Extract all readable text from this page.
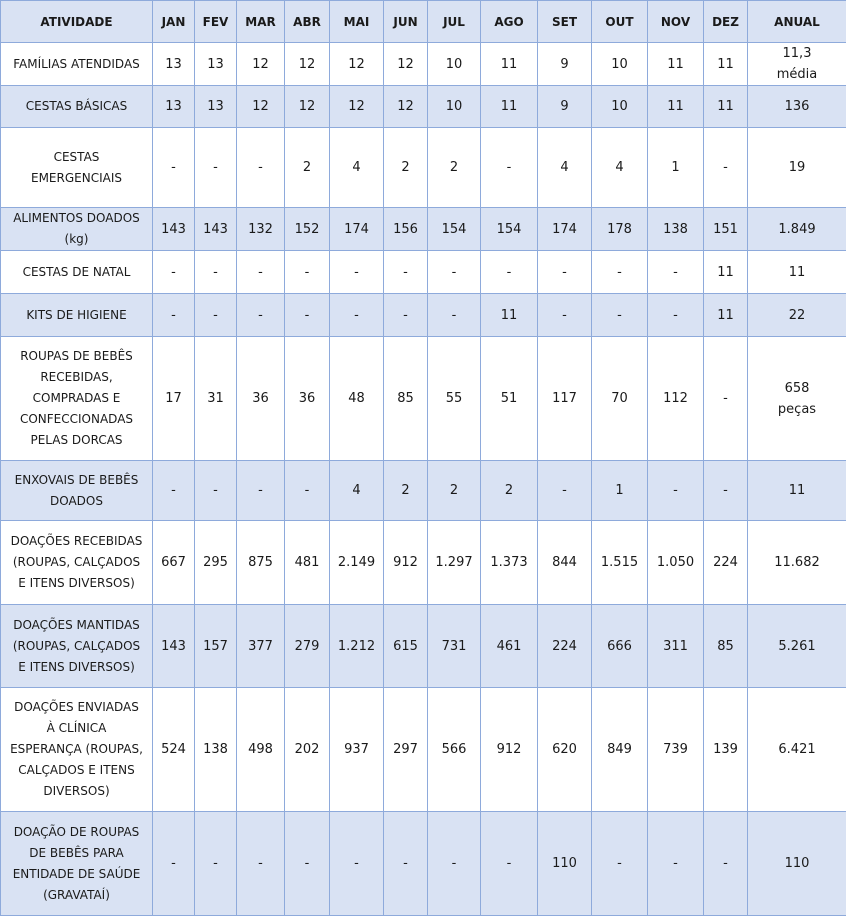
ATIVIDADE	JAN	FEV	MAR	ABR	MAI	JUN	JUL	AGO	SET	OUT	NOV	DEZ	ANUAL
FAMÍLIAS ATENDIDAS	13	13	12	12	12	12	10	11	9	10	11	11	11,3
média
CESTAS BÁSICAS	13	13	12	12	12	12	10	11	9	10	11	11	136
CESTAS
EMERGENCIAIS	-	-	-	2	4	2	2	-	4	4	1	-	19
ALIMENTOS DOADOS
(kg)	143	143	132	152	174	156	154	154	174	178	138	151	1.849
CESTAS DE NATAL	-	-	-	-	-	-	-	-	-	-	-	11	11
KITS DE HIGIENE	-	-	-	-	-	-	-	11	-	-	-	11	22
ROUPAS DE BEBÊS
RECEBIDAS,
COMPRADAS E
CONFECCIONADAS
PELAS DORCAS	17	31	36	36	48	85	55	51	117	70	112	-	658
peças
ENXOVAIS DE BEBÊS
DOADOS	-	-	-	-	4	2	2	2	-	1	-	-	11
DOAÇÕES RECEBIDAS
(ROUPAS, CALÇADOS
E ITENS DIVERSOS)	667	295	875	481	2.149	912	1.297	1.373	844	1.515	1.050	224	11.682
DOAÇÕES MANTIDAS
(ROUPAS, CALÇADOS
E ITENS DIVERSOS)	143	157	377	279	1.212	615	731	461	224	666	311	85	5.261
DOAÇÕES ENVIADAS
À CLÍNICA
ESPERANÇA (ROUPAS,
CALÇADOS E ITENS
DIVERSOS)	524	138	498	202	937	297	566	912	620	849	739	139	6.421
DOAÇÃO DE ROUPAS
DE BEBÊS PARA
ENTIDADE DE SAÚDE
(GRAVATAÍ)	-	-	-	-	-	-	-	-	110	-	-	-	110
